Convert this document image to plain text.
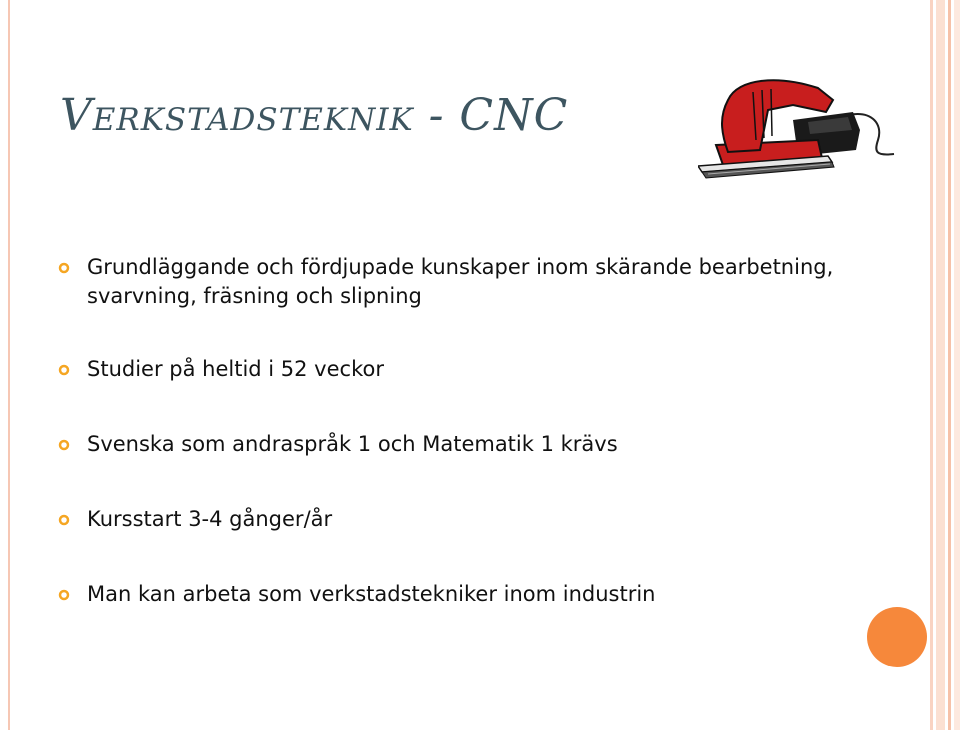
Verkstadsteknik - CNC
Grundläggande och fördjupade kunskaper inom skärande bearbetning, svarvning, fräsning och slipning
Studier på heltid i 52 veckor
Svenska som andraspråk 1 och Matematik 1 krävs
Kursstart 3-4 gånger/år
Man kan arbeta som verkstadstekniker inom industrin
